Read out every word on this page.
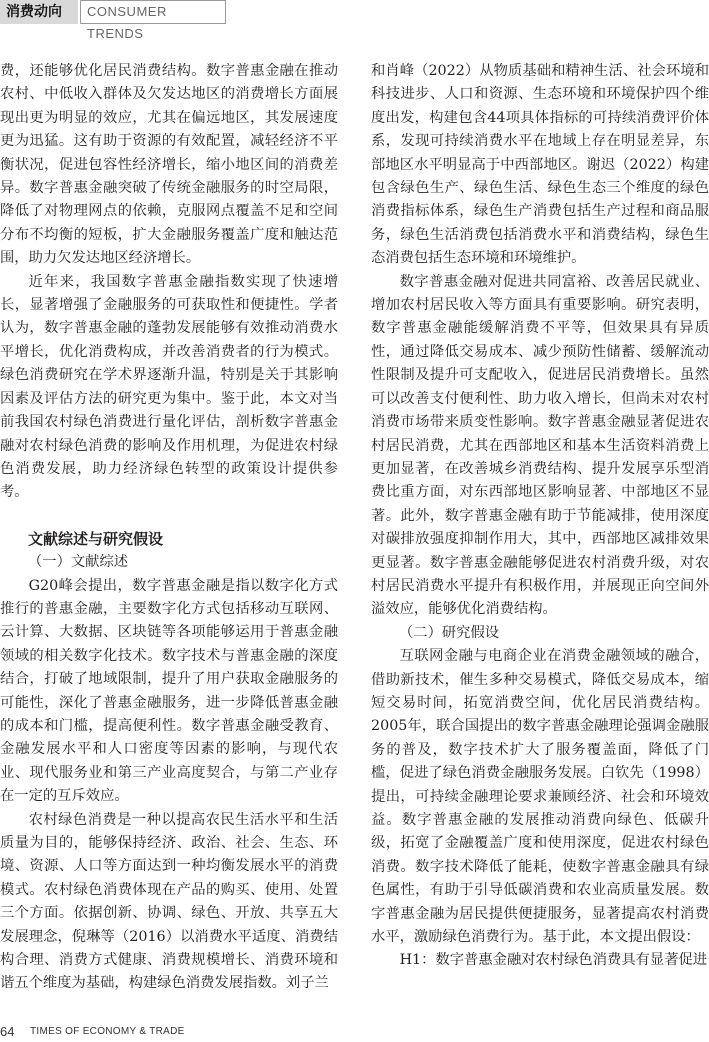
消费动向	CONSUMER TRENDS

费，还能够优化居民消费结构。数字普惠金融在推动农村、中低收入群体及欠发达地区的消费增长方面展现出更为明显的效应，尤其在偏远地区，其发展速度更为迅猛。这有助于资源的有效配置，减轻经济不平衡状况，促进包容性经济增长，缩小地区间的消费差异。数字普惠金融突破了传统金融服务的时空局限，降低了对物理网点的依赖，克服网点覆盖不足和空间分布不均衡的短板，扩大金融服务覆盖广度和触达范围，助力欠发达地区经济增长。

近年来，我国数字普惠金融指数实现了快速增长，显著增强了金融服务的可获取性和便捷性。学者认为，数字普惠金融的蓬勃发展能够有效推动消费水平增长，优化消费构成，并改善消费者的行为模式。绿色消费研究在学术界逐渐升温，特别是关于其影响因素及评估方法的研究更为集中。鉴于此，本文对当前我国农村绿色消费进行量化评估，剖析数字普惠金融对农村绿色消费的影响及作用机理，为促进农村绿色消费发展，助力经济绿色转型的政策设计提供参考。

文献综述与研究假设

（一）文献综述

G20峰会提出，数字普惠金融是指以数字化方式推行的普惠金融，主要数字化方式包括移动互联网、云计算、大数据、区块链等各项能够运用于普惠金融领域的相关数字化技术。数字技术与普惠金融的深度结合，打破了地域限制，提升了用户获取金融服务的可能性，深化了普惠金融服务，进一步降低普惠金融的成本和门槛，提高便利性。数字普惠金融受教育、金融发展水平和人口密度等因素的影响，与现代农业、现代服务业和第三产业高度契合，与第二产业存在一定的互斥效应。

农村绿色消费是一种以提高农民生活水平和生活质量为目的，能够保持经济、政治、社会、生态、环境、资源、人口等方面达到一种均衡发展水平的消费模式。农村绿色消费体现在产品的购买、使用、处置三个方面。依据创新、协调、绿色、开放、共享五大发展理念，倪琳等（2016）以消费水平适度、消费结构合理、消费方式健康、消费规模增长、消费环境和谐五个维度为基础，构建绿色消费发展指数。刘子兰

和肖峰（2022）从物质基础和精神生活、社会环境和科技进步、人口和资源、生态环境和环境保护四个维度出发，构建包含44项具体指标的可持续消费评价体系，发现可持续消费水平在地域上存在明显差异，东部地区水平明显高于中西部地区。谢迟（2022）构建包含绿色生产、绿色生活、绿色生态三个维度的绿色消费指标体系，绿色生产消费包括生产过程和商品服务，绿色生活消费包括消费水平和消费结构，绿色生态消费包括生态环境和环境维护。

数字普惠金融对促进共同富裕、改善居民就业、增加农村居民收入等方面具有重要影响。研究表明，数字普惠金融能缓解消费不平等，但效果具有异质性，通过降低交易成本、减少预防性储蓄、缓解流动性限制及提升可支配收入，促进居民消费增长。虽然可以改善支付便利性、助力收入增长，但尚未对农村消费市场带来质变性影响。数字普惠金融显著促进农村居民消费，尤其在西部地区和基本生活资料消费上更加显著，在改善城乡消费结构、提升发展享乐型消费比重方面，对东西部地区影响显著、中部地区不显著。此外，数字普惠金融有助于节能减排，使用深度对碳排放强度抑制作用大，其中，西部地区减排效果更显著。数字普惠金融能够促进农村消费升级，对农村居民消费水平提升有积极作用，并展现正向空间外溢效应，能够优化消费结构。

（二）研究假设

互联网金融与电商企业在消费金融领域的融合，借助新技术，催生多种交易模式，降低交易成本，缩短交易时间，拓宽消费空间，优化居民消费结构。2005年，联合国提出的数字普惠金融理论强调金融服务的普及，数字技术扩大了服务覆盖面，降低了门槛，促进了绿色消费金融服务发展。白钦先（1998）提出，可持续金融理论要求兼顾经济、社会和环境效益。数字普惠金融的发展推动消费向绿色、低碳升级，拓宽了金融覆盖广度和使用深度，促进农村绿色消费。数字技术降低了能耗，使数字普惠金融具有绿色属性，有助于引导低碳消费和农业高质量发展。数字普惠金融为居民提供便捷服务，显著提高农村消费水平，激励绿色消费行为。基于此，本文提出假设：

H1：数字普惠金融对农村绿色消费具有显著促进

64 TIMES OF ECONOMY & TRADE
